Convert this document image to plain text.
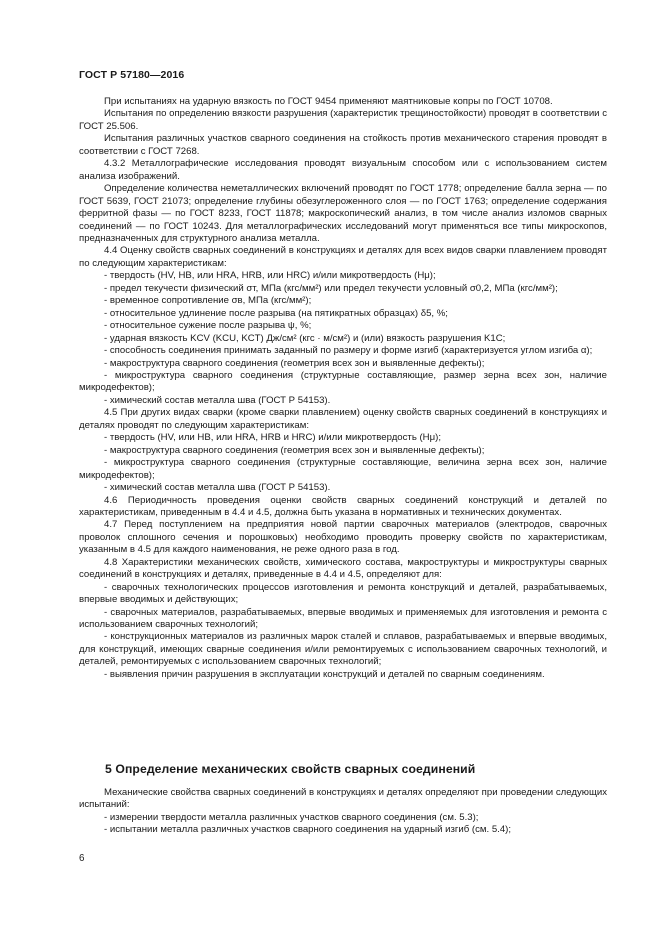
ГОСТ Р 57180—2016

При испытаниях на ударную вязкость по ГОСТ 9454 применяют маятниковые копры по ГОСТ 10708.

Испытания по определению вязкости разрушения (характеристик трещиностойкости) проводят в соответствии с ГОСТ 25.506.

Испытания различных участков сварного соединения на стойкость против механического старения проводят в соответствии с ГОСТ 7268.

4.3.2 Металлографические исследования проводят визуальным способом или с использованием систем анализа изображений.

Определение количества неметаллических включений проводят по ГОСТ 1778; определение балла зерна — по ГОСТ 5639, ГОСТ 21073; определение глубины обезуглероженного слоя — по ГОСТ 1763; определение содержания ферритной фазы — по ГОСТ 8233, ГОСТ 11878; макроскопический анализ, в том числе анализ изломов сварных соединений — по ГОСТ 10243. Для металлографических исследований могут применяться все типы микроскопов, предназначенных для структурного анализа металла.

4.4 Оценку свойств сварных соединений в конструкциях и деталях для всех видов сварки плавлением проводят по следующим характеристикам:

- твердость (HV, HB, или HRA, HRB, или HRC) и/или микротвердость (Hμ);

- предел текучести физический σт, МПа (кгс/мм²) или предел текучести условный σ0,2, МПа (кгс/мм²);

- временное сопротивление σв, МПа (кгс/мм²);

- относительное удлинение после разрыва (на пятикратных образцах) δ5, %;

- относительное сужение после разрыва ψ, %;

- ударная вязкость KCV (KCU, KCT) Дж/см² (кгс · м/см²) и (или) вязкость разрушения K1C;

- способность соединения принимать заданный по размеру и форме изгиб (характеризуется углом изгиба α);

- макроструктура сварного соединения (геометрия всех зон и выявленные дефекты);

- микроструктура сварного соединения (структурные составляющие, размер зерна всех зон, наличие микродефектов);

- химический состав металла шва (ГОСТ Р 54153).

4.5 При других видах сварки (кроме сварки плавлением) оценку свойств сварных соединений в конструкциях и деталях проводят по следующим характеристикам:

- твердость (HV, или HB, или HRA, HRB и HRC) и/или микротвердость (Hμ);

- макроструктура сварного соединения (геометрия всех зон и выявленные дефекты);

- микроструктура сварного соединения (структурные составляющие, величина зерна всех зон, наличие микродефектов);

- химический состав металла шва (ГОСТ Р 54153).

4.6 Периодичность проведения оценки свойств сварных соединений конструкций и деталей по характеристикам, приведенным в 4.4 и 4.5, должна быть указана в нормативных и технических документах.

4.7 Перед поступлением на предприятия новой партии сварочных материалов (электродов, сварочных проволок сплошного сечения и порошковых) необходимо проводить проверку свойств по характеристикам, указанным в 4.5 для каждого наименования, не реже одного раза в год.

4.8 Характеристики механических свойств, химического состава, макроструктуры и микроструктуры сварных соединений в конструкциях и деталях, приведенные в 4.4 и 4.5, определяют для:

- сварочных технологических процессов изготовления и ремонта конструкций и деталей, разрабатываемых, впервые вводимых и действующих;

- сварочных материалов, разрабатываемых, впервые вводимых и применяемых для изготовления и ремонта с использованием сварочных технологий;

- конструкционных материалов из различных марок сталей и сплавов, разрабатываемых и впервые вводимых, для конструкций, имеющих сварные соединения и/или ремонтируемых с использованием сварочных технологий, и деталей, ремонтируемых с использованием сварочных технологий;

- выявления причин разрушения в эксплуатации конструкций и деталей по сварным соединениям.

5 Определение механических свойств сварных соединений

Механические свойства сварных соединений в конструкциях и деталях определяют при проведении следующих испытаний:

- измерении твердости металла различных участков сварного соединения (см. 5.3);

- испытании металла различных участков сварного соединения на ударный изгиб (см. 5.4);

6
